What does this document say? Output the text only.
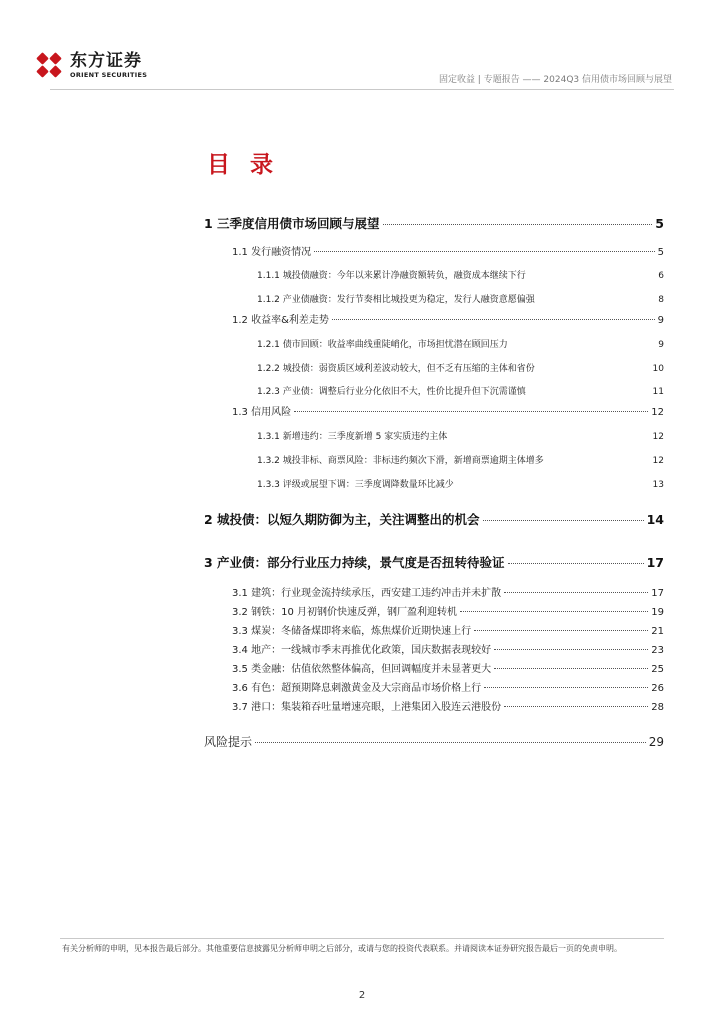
东方证券
ORIENT SECURITIES
固定收益 | 专题报告 —— 2024Q3 信用债市场回顾与展望
目 录
1 三季度信用债市场回顾与展望	5
1.1 发行融资情况	5
1.1.1 城投债融资：今年以来累计净融资额转负，融资成本继续下行	6
1.1.2 产业债融资：发行节奏相比城投更为稳定，发行人融资意愿偏强	8
1.2 收益率&利差走势	9
1.2.1 债市回顾：收益率曲线重陡峭化，市场担忧潜在顾回压力	9
1.2.2 城投债：弱资质区域利差波动较大，但不乏有压缩的主体和省份	10
1.2.3 产业债：调整后行业分化依旧不大，性价比提升但下沉需谨慎	11
1.3 信用风险	12
1.3.1 新增违约：三季度新增 5 家实质违约主体	12
1.3.2 城投非标、商票风险：非标违约频次下滑，新增商票逾期主体增多	12
1.3.3 评级或展望下调：三季度调降数量环比减少	13
2 城投债：以短久期防御为主，关注调整出的机会	14
3 产业债：部分行业压力持续，景气度是否扭转待验证	17
3.1 建筑：行业现金流持续承压，西安建工违约冲击并未扩散	17
3.2 钢铁：10 月初钢价快速反弹，钢厂盈利迎转机	19
3.3 煤炭：冬储备煤即将来临，炼焦煤价近期快速上行	21
3.4 地产：一线城市季末再推优化政策，国庆数据表现较好	23
3.5 类金融：估值依然整体偏高，但回调幅度并未显著更大	25
3.6 有色：超预期降息刺激黄金及大宗商品市场价格上行	26
3.7 港口：集装箱吞吐量增速亮眼，上港集团入股连云港股份	28
风险提示	29
有关分析师的申明，见本报告最后部分。其他重要信息披露见分析师申明之后部分，或请与您的投资代表联系。并请阅读本证券研究报告最后一页的免责申明。
2
